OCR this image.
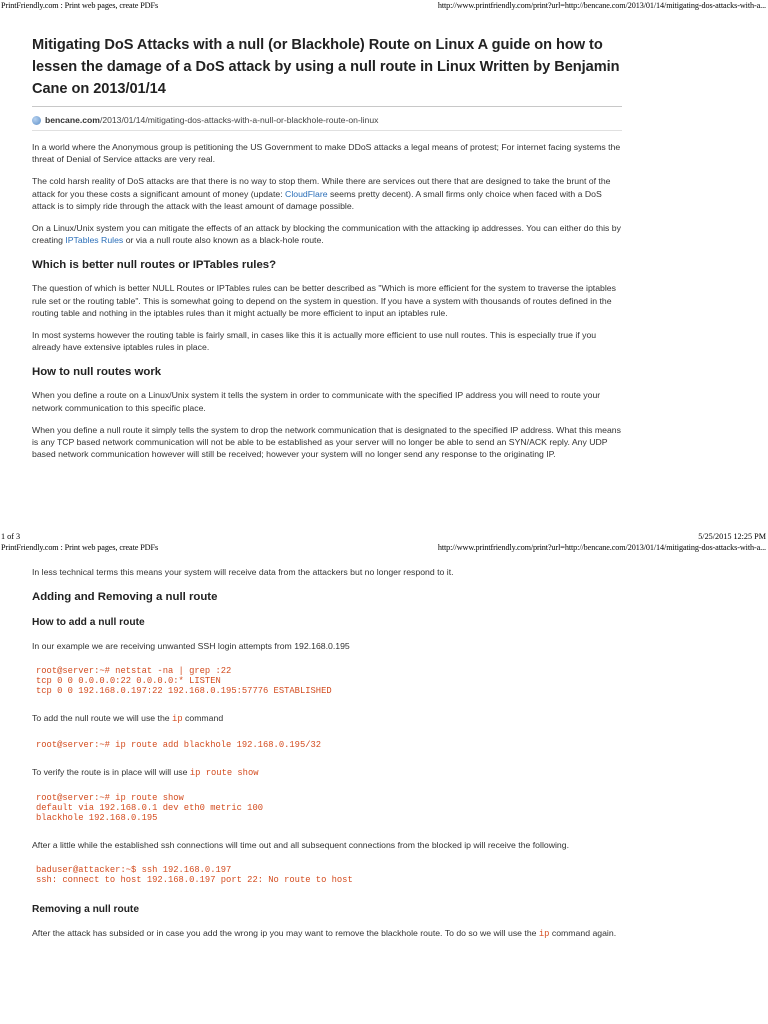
PrintFriendly.com : Print web pages, create PDFs	http://www.printfriendly.com/print?url=http://bencane.com/2013/01/14/mitigating-dos-attacks-with-a...
Mitigating DoS Attacks with a null (or Blackhole) Route on Linux A guide on how to lessen the damage of a DoS attack by using a null route in Linux Written by Benjamin Cane on 2013/01/14
bencane.com /2013/01/14/mitigating-dos-attacks-with-a-null-or-blackhole-route-on-linux

In a world where the Anonymous group is petitioning the US Government to make DDoS attacks a legal means of protest; For internet facing systems the threat of Denial of Service attacks are very real.

The cold harsh reality of DoS attacks are that there is no way to stop them. While there are services out there that are designed to take the brunt of the attack for you these costs a significant amount of money (update: CloudFlare seems pretty decent). A small firms only choice when faced with a DoS attack is to simply ride through the attack with the least amount of damage possible.

On a Linux/Unix system you can mitigate the effects of an attack by blocking the communication with the attacking ip addresses. You can either do this by creating IPTables Rules or via a null route also known as a black-hole route.

Which is better null routes or IPTables rules?

The question of which is better NULL Routes or IPTables rules can be better described as "Which is more efficient for the system to traverse the iptables rule set or the routing table". This is somewhat going to depend on the system in question. If you have a system with thousands of routes defined in the routing table and nothing in the iptables rules than it might actually be more efficient to input an iptables rule.

In most systems however the routing table is fairly small, in cases like this it is actually more efficient to use null routes. This is especially true if you already have extensive iptables rules in place.

How to null routes work

When you define a route on a Linux/Unix system it tells the system in order to communicate with the specified IP address you will need to route your network communication to this specific place.

When you define a null route it simply tells the system to drop the network communication that is designated to the specified IP address. What this means is any TCP based network communication will not be able to be established as your server will no longer be able to send an SYN/ACK reply. Any UDP based network communication however will still be received; however your system will no longer send any response to the originating IP.

1 of 3	5/25/2015 12:25 PM
PrintFriendly.com : Print web pages, create PDFs	http://www.printfriendly.com/print?url=http://bencane.com/2013/01/14/mitigating-dos-attacks-with-a...

In less technical terms this means your system will receive data from the attackers but no longer respond to it.

Adding and Removing a null route
How to add a null route

In our example we are receiving unwanted SSH login attempts from 192.168.0.195

root@server:~# netstat -na | grep :22
tcp 0 0 0.0.0.0:22 0.0.0.0:* LISTEN
tcp 0 0 192.168.0.197:22 192.168.0.195:57776 ESTABLISHED

To add the null route we will use the ip command

root@server:~# ip route add blackhole 192.168.0.195/32

To verify the route is in place will will use ip route show

root@server:~# ip route show
default via 192.168.0.1 dev eth0 metric 100
blackhole 192.168.0.195

After a little while the established ssh connections will time out and all subsequent connections from the blocked ip will receive the following.

baduser@attacker:~$ ssh 192.168.0.197
ssh: connect to host 192.168.0.197 port 22: No route to host
Removing a null route

After the attack has subsided or in case you add the wrong ip you may want to remove the blackhole route. To do so we will use the ip command again.
